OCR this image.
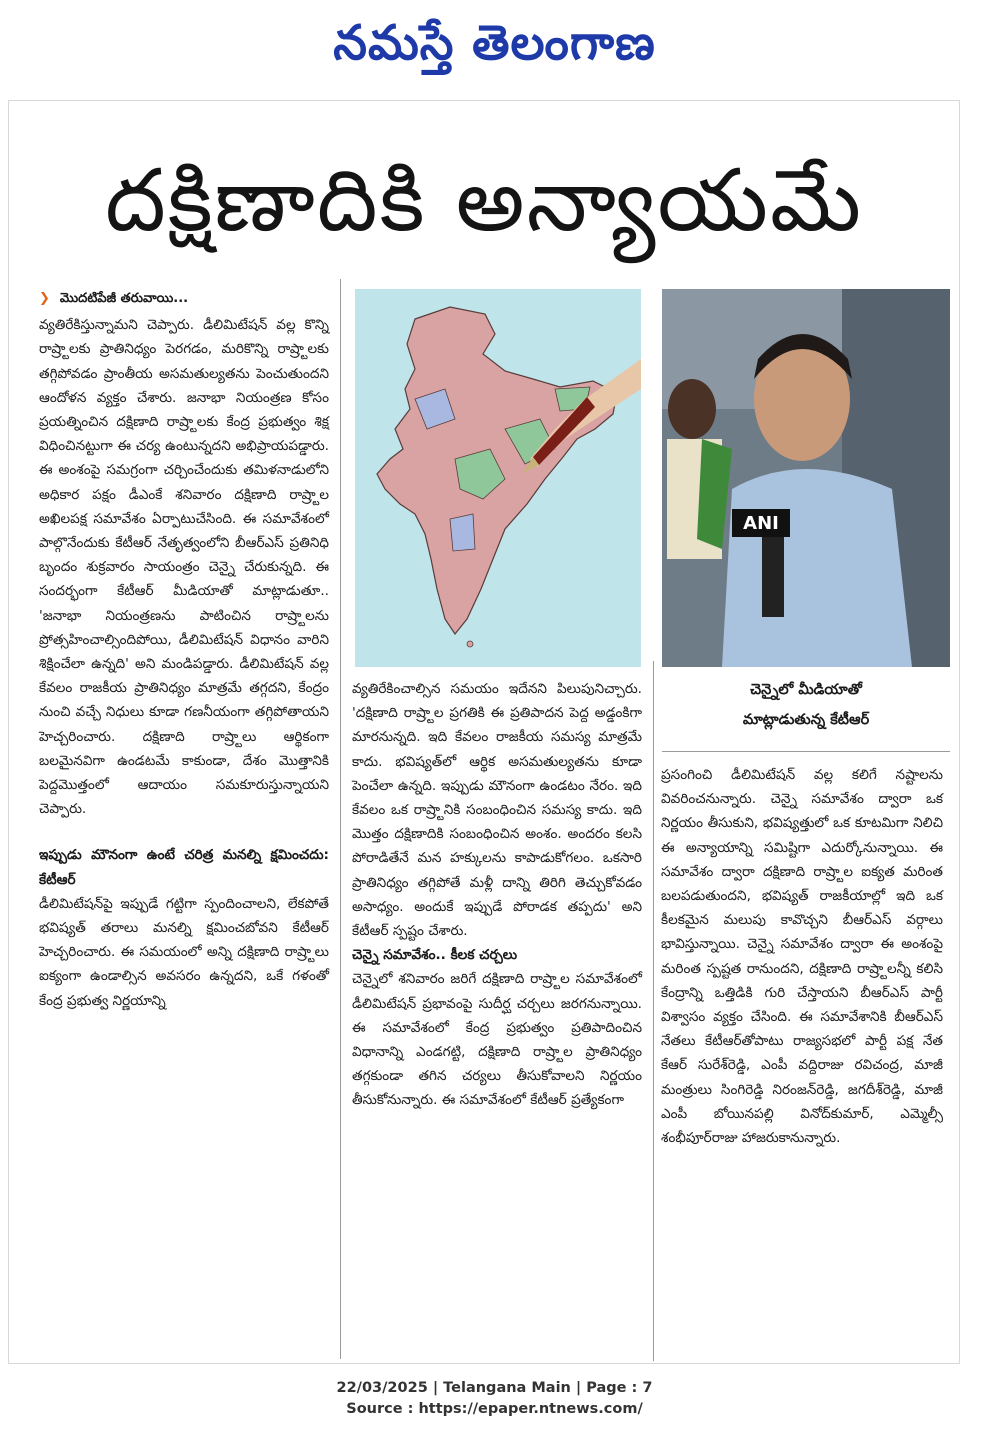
నమస్తే తెలంగాణ
దక్షిణాదికి అన్యాయమే

❯ మొదటిపేజీ తరువాయి...

వ్యతిరేకిస్తున్నామని చెప్పారు. డీలిమిటేషన్ వల్ల కొన్ని రాష్ర్టాలకు ప్రాతినిధ్యం పెరగడం, మరికొన్ని రాష్ర్టాలకు తగ్గిపోవడం ప్రాంతీయ అసమతుల్యతను పెంచుతుందని ఆందోళన వ్యక్తం చేశారు. జనాభా నియంత్రణ కోసం ప్రయత్నించిన దక్షిణాది రాష్ర్టాలకు కేంద్ర ప్రభుత్వం శిక్ష విధించినట్టుగా ఈ చర్య ఉంటున్నదని అభిప్రాయపడ్డారు. ఈ అంశంపై సమగ్రంగా చర్చించేందుకు తమిళనాడులోని అధికార పక్షం డీఎంకే శనివారం దక్షిణాది రాష్ర్టాల అఖిలపక్ష సమావేశం ఏర్పాటుచేసింది. ఈ సమావేశంలో పాల్గొనేందుకు కేటీఆర్ నేతృత్వంలోని బీఆర్ఎస్ ప్రతినిధి బృందం శుక్రవారం సాయంత్రం చెన్నై చేరుకున్నది. ఈ సందర్భంగా కేటీఆర్ మీడియాతో మాట్లాడుతూ.. 'జనాభా నియంత్రణను పాటించిన రాష్ర్టాలను ప్రోత్సహించాల్సిందిపోయి, డీలిమిటేషన్ విధానం వారిని శిక్షించేలా ఉన్నది' అని మండిపడ్డారు. డీలిమిటేషన్ వల్ల కేవలం రాజకీయ ప్రాతినిధ్యం మాత్రమే తగ్గదని, కేంద్రం నుంచి వచ్చే నిధులు కూడా గణనీయంగా తగ్గిపోతాయని హెచ్చరించారు. దక్షిణాది రాష్ర్టాలు ఆర్థికంగా బలమైనవిగా ఉండటమే కాకుండా, దేశం మొత్తానికి పెద్దమొత్తంలో ఆదాయం సమకూరుస్తున్నాయని చెప్పారు.

ఇప్పుడు మౌనంగా ఉంటే చరిత్ర మనల్ని క్షమించదు: కేటీఆర్

డీలిమిటేషన్‌పై ఇప్పుడే గట్టిగా స్పందించాలని, లేకపోతే భవిష్యత్ తరాలు మనల్ని క్షమించబోవని కేటీఆర్ హెచ్చరించారు. ఈ సమయంలో అన్ని దక్షిణాది రాష్ర్టాలు ఐక్యంగా ఉండాల్సిన అవసరం ఉన్నదని, ఒకే గళంతో కేంద్ర ప్రభుత్వ నిర్ణయాన్ని

ANI
చెన్నైలో మీడియాతో
మాట్లాడుతున్న కేటీఆర్

వ్యతిరేకించాల్సిన సమయం ఇదేనని పిలుపునిచ్చారు. 'దక్షిణాది రాష్ర్టాల ప్రగతికి ఈ ప్రతిపాదన పెద్ద అడ్డంకిగా మారనున్నది. ఇది కేవలం రాజకీయ సమస్య మాత్రమే కాదు. భవిష్యత్‌లో ఆర్థిక అసమతుల్యతను కూడా పెంచేలా ఉన్నది. ఇప్పుడు మౌనంగా ఉండటం నేరం. ఇది కేవలం ఒక రాష్ర్టానికి సంబంధించిన సమస్య కాదు. ఇది మొత్తం దక్షిణాదికి సంబంధించిన అంశం. అందరం కలసి పోరాడితేనే మన హక్కులను కాపాడుకోగలం. ఒకసారి ప్రాతినిధ్యం తగ్గిపోతే మళ్లీ దాన్ని తిరిగి తెచ్చుకోవడం అసాధ్యం. అందుకే ఇప్పుడే పోరాడక తప్పదు' అని కేటీఆర్ స్పష్టం చేశారు.

చెన్నై సమావేశం.. కీలక చర్చలు

చెన్నైలో శనివారం జరిగే దక్షిణాది రాష్ర్టాల సమావేశంలో డీలిమిటేషన్ ప్రభావంపై సుదీర్ఘ చర్చలు జరగనున్నాయి. ఈ సమావేశంలో కేంద్ర ప్రభుత్వం ప్రతిపాదించిన విధానాన్ని ఎండగట్టి, దక్షిణాది రాష్ర్టాల ప్రాతినిధ్యం తగ్గకుండా తగిన చర్యలు తీసుకోవాలని నిర్ణయం తీసుకోనున్నారు. ఈ సమావేశంలో కేటీఆర్ ప్రత్యేకంగా

ప్రసంగించి డీలిమిటేషన్ వల్ల కలిగే నష్టాలను వివరించనున్నారు. చెన్నై సమావేశం ద్వారా ఒక నిర్ణయం తీసుకుని, భవిష్యత్తులో ఒక కూటమిగా నిలిచి ఈ అన్యాయాన్ని సమిష్టిగా ఎదుర్కోనున్నాయి. ఈ సమావేశం ద్వారా దక్షిణాది రాష్ర్టాల ఐక్యత మరింత బలపడుతుందని, భవిష్యత్ రాజకీయాల్లో ఇది ఒక కీలకమైన మలుపు కావొచ్చని బీఆర్ఎస్ వర్గాలు భావిస్తున్నాయి. చెన్నై సమావేశం ద్వారా ఈ అంశంపై మరింత స్పష్టత రానుందని, దక్షిణాది రాష్ర్టాలన్నీ కలిసి కేంద్రాన్ని ఒత్తిడికి గురి చేస్తాయని బీఆర్ఎస్ పార్టీ విశ్వాసం వ్యక్తం చేసింది. ఈ సమావేశానికి బీఆర్ఎస్ నేతలు కేటీఆర్‌తోపాటు రాజ్యసభలో పార్టీ పక్ష నేత కేఆర్ సురేశ్‌రెడ్డి, ఎంపీ వద్దిరాజు రవిచంద్ర, మాజీ మంత్రులు సింగిరెడ్డి నిరంజన్‌రెడ్డి, జగదీశ్‌రెడ్డి, మాజీ ఎంపీ బోయినపల్లి వినోద్‌కుమార్, ఎమ్మెల్సీ శంభీపూర్‌రాజు హాజరుకానున్నారు.

22/03/2025 | Telangana Main | Page : 7
Source : https://epaper.ntnews.com/
